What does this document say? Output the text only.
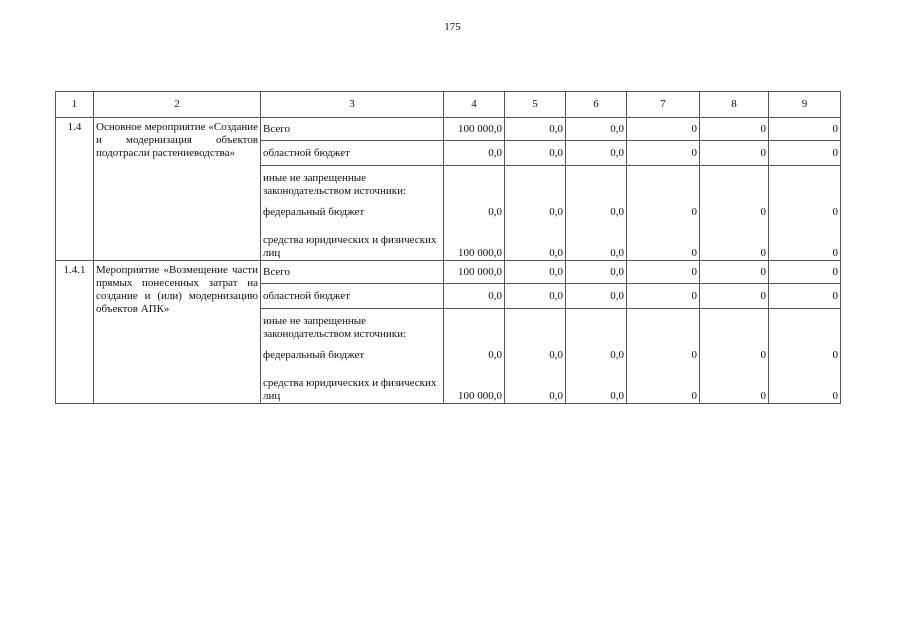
175
1	2	3	4	5	6	7	8	9
1.4	Основное мероприятие «Создание и модернизация объектов подотрасли растениеводства»	Всего	100 000,0	0,0	0,0	0	0	0
		областной бюджет	0,0	0,0	0,0	0	0	0
		иные не запрещенные законодательством источники:						
		федеральный бюджет	0,0	0,0	0,0	0	0	0
		средства юридических и физических лиц	100 000,0	0,0	0,0	0	0	0
1.4.1	Мероприятие «Возмещение части прямых понесенных затрат на создание и (или) модернизацию объектов АПК»	Всего	100 000,0	0,0	0,0	0	0	0
		областной бюджет	0,0	0,0	0,0	0	0	0
		иные не запрещенные законодательством источники:						
		федеральный бюджет	0,0	0,0	0,0	0	0	0
		средства юридических и физических лиц	100 000,0	0,0	0,0	0	0	0
